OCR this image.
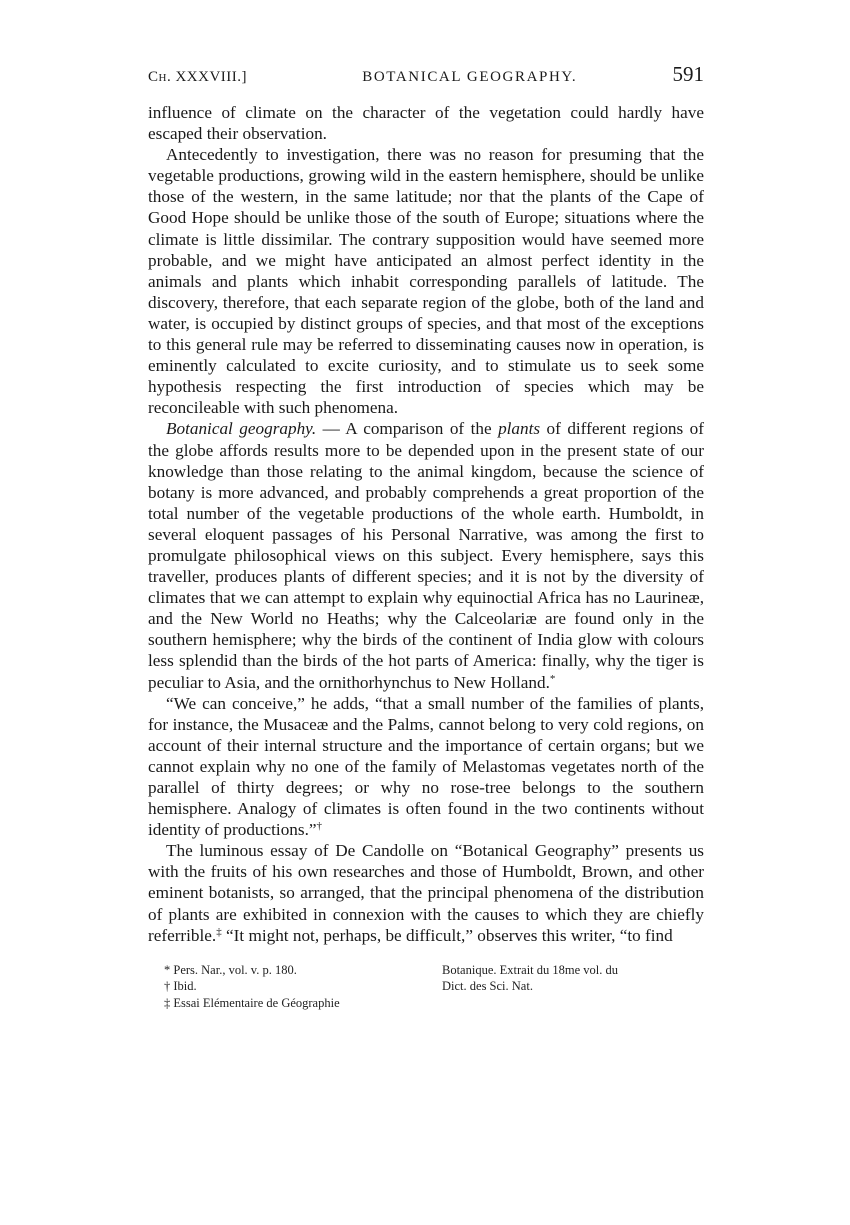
Ch. XXXVIII.]	BOTANICAL GEOGRAPHY.	591

influence of climate on the character of the vegetation could hardly have escaped their observation.

Antecedently to investigation, there was no reason for presuming that the vegetable productions, growing wild in the eastern hemisphere, should be unlike those of the western, in the same latitude; nor that the plants of the Cape of Good Hope should be unlike those of the south of Europe; situations where the climate is little dissimilar. The contrary supposition would have seemed more probable, and we might have anticipated an almost perfect identity in the animals and plants which inhabit corresponding parallels of latitude. The discovery, therefore, that each separate region of the globe, both of the land and water, is occupied by distinct groups of species, and that most of the exceptions to this general rule may be referred to disseminating causes now in operation, is eminently calculated to excite curiosity, and to stimulate us to seek some hypothesis respecting the first introduction of species which may be reconcileable with such phenomena.

Botanical geography. — A comparison of the plants of different regions of the globe affords results more to be depended upon in the present state of our knowledge than those relating to the animal kingdom, because the science of botany is more advanced, and probably comprehends a great proportion of the total number of the vegetable productions of the whole earth. Humboldt, in several eloquent passages of his Personal Narrative, was among the first to promulgate philosophical views on this subject. Every hemisphere, says this traveller, produces plants of different species; and it is not by the diversity of climates that we can attempt to explain why equinoctial Africa has no Laurineæ, and the New World no Heaths; why the Calceolariæ are found only in the southern hemisphere; why the birds of the continent of India glow with colours less splendid than the birds of the hot parts of America: finally, why the tiger is peculiar to Asia, and the ornithorhynchus to New Holland.*

“We can conceive,” he adds, “that a small number of the families of plants, for instance, the Musaceæ and the Palms, cannot belong to very cold regions, on account of their internal structure and the importance of certain organs; but we cannot explain why no one of the family of Melastomas vegetates north of the parallel of thirty degrees; or why no rose-tree belongs to the southern hemisphere. Analogy of climates is often found in the two continents without identity of productions.”†

The luminous essay of De Candolle on “Botanical Geography” presents us with the fruits of his own researches and those of Humboldt, Brown, and other eminent botanists, so arranged, that the principal phenomena of the distribution of plants are exhibited in connexion with the causes to which they are chiefly referrible.‡ “It might not, perhaps, be difficult,” observes this writer, “to find

* Pers. Nar., vol. v. p. 180.
† Ibid.
‡ Essai Elémentaire de Géographie
Botanique. Extrait du 18me vol. du
Dict. des Sci. Nat.
